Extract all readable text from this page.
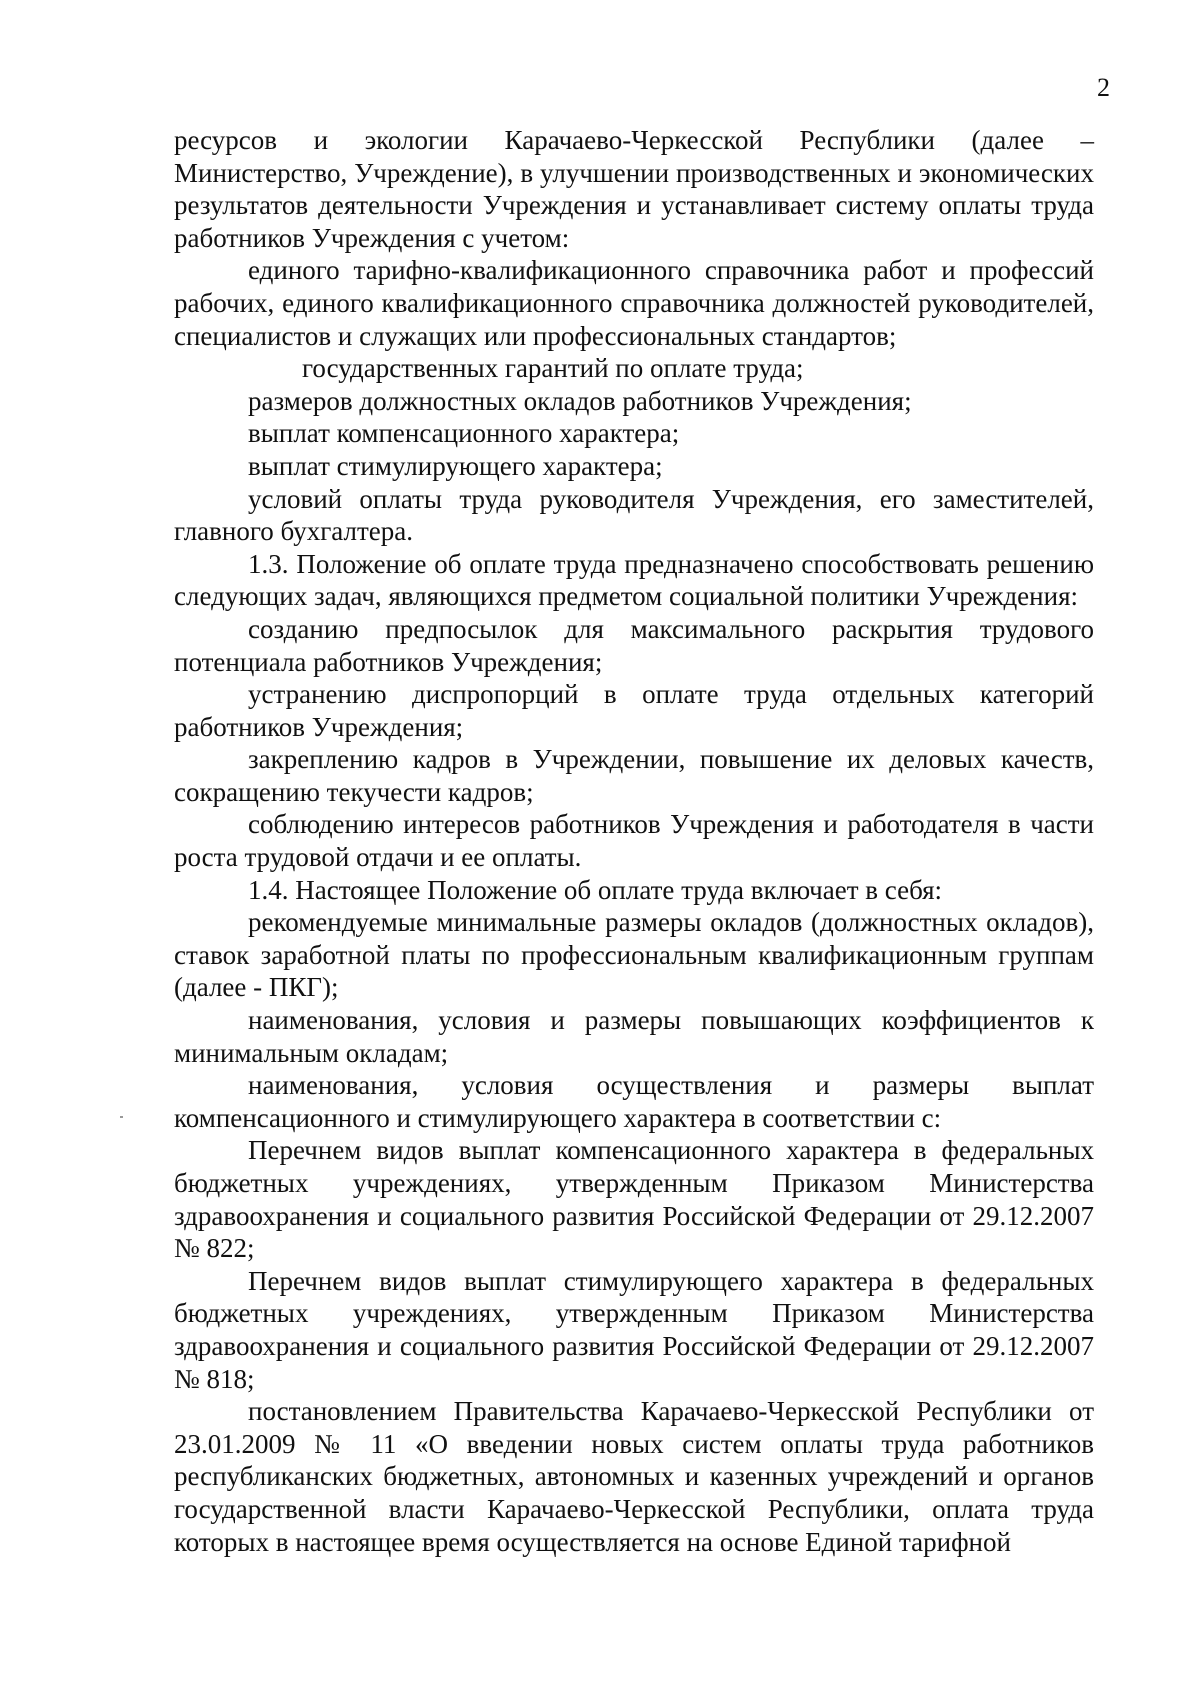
2

ресурсов и экологии Карачаево-Черкесской Республики (далее – Министерство, Учреждение), в улучшении производственных и экономических результатов деятельности Учреждения и устанавливает систему оплаты труда работников Учреждения с учетом:

единого тарифно-квалификационного справочника работ и профессий рабочих, единого квалификационного справочника должностей руководителей, специалистов и служащих или профессиональных стандартов;

государственных гарантий по оплате труда;

размеров должностных окладов работников Учреждения;

выплат компенсационного характера;

выплат стимулирующего характера;

условий оплаты труда руководителя Учреждения, его заместителей, главного бухгалтера.

1.3. Положение об оплате труда предназначено способствовать решению следующих задач, являющихся предметом социальной политики Учреждения:

созданию предпосылок для максимального раскрытия трудового потенциала работников Учреждения;

устранению диспропорций в оплате труда отдельных категорий работников Учреждения;

закреплению кадров в Учреждении, повышение их деловых качеств, сокращению текучести кадров;

соблюдению интересов работников Учреждения и работодателя в части роста трудовой отдачи и ее оплаты.

1.4. Настоящее Положение об оплате труда включает в себя:

рекомендуемые минимальные размеры окладов (должностных окладов), ставок заработной платы по профессиональным квалификационным группам (далее - ПКГ);

наименования, условия и размеры повышающих коэффициентов к минимальным окладам;

наименования, условия осуществления и размеры выплат компенсационного и стимулирующего характера в соответствии с:

Перечнем видов выплат компенсационного характера в федеральных бюджетных учреждениях, утвержденным Приказом Министерства здравоохранения и социального развития Российской Федерации от 29.12.2007 № 822;

Перечнем видов выплат стимулирующего характера в федеральных бюджетных учреждениях, утвержденным Приказом Министерства здравоохранения и социального развития Российской Федерации от 29.12.2007 № 818;

постановлением Правительства Карачаево-Черкесской Республики от 23.01.2009 № 11 «О введении новых систем оплаты труда работников республиканских бюджетных, автономных и казенных учреждений и органов государственной власти Карачаево-Черкесской Республики, оплата труда которых в настоящее время осуществляется на основе Единой тарифной
